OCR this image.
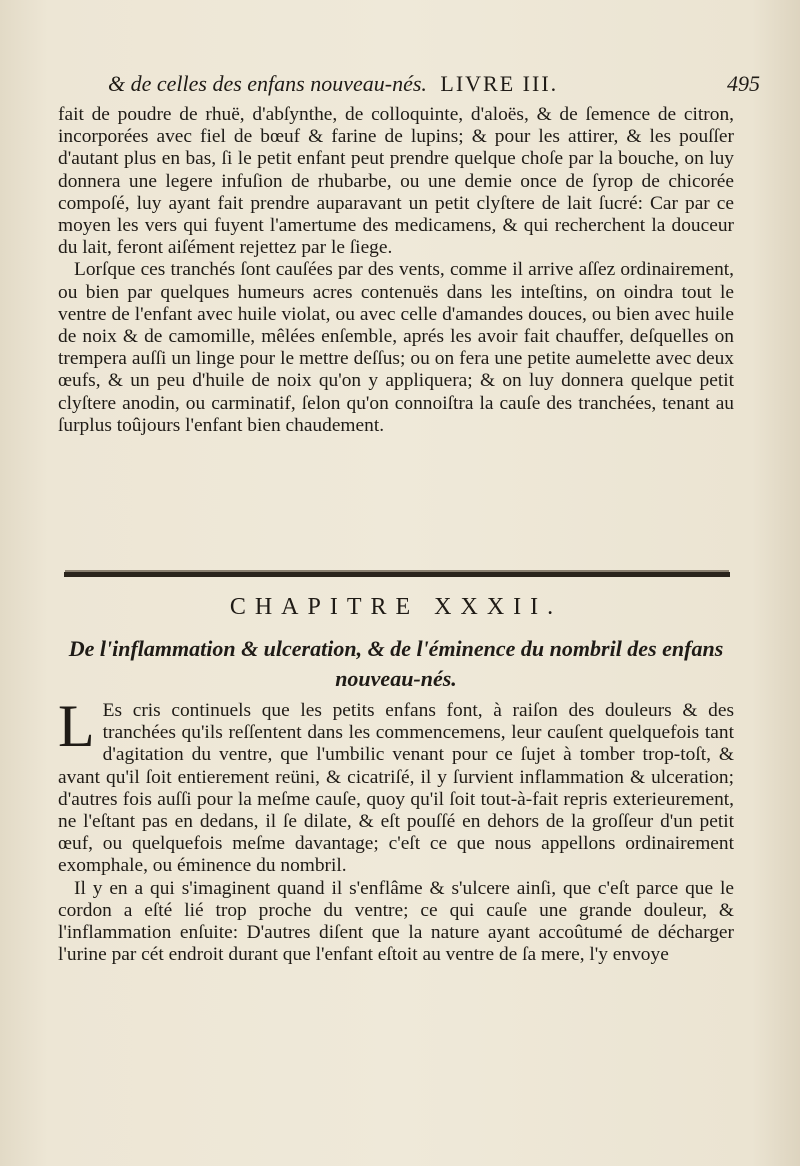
& de celles des enfans nouveau-nés. LIVRE III.	495

fait de poudre de rhuë, d'abſynthe, de colloquinte, d'aloës, & de ſemence de citron, incorporées avec fiel de bœuf & farine de lupins; & pour les attirer, & les pouſſer d'autant plus en bas, ſi le petit enfant peut prendre quelque choſe par la bouche, on luy donnera une legere infuſion de rhubarbe, ou une demie once de ſyrop de chicorée compoſé, luy ayant fait prendre auparavant un petit clyſtere de lait ſucré: Car par ce moyen les vers qui fuyent l'amertume des medicamens, & qui recherchent la douceur du lait, feront aiſément rejettez par le ſiege.

Lorſque ces tranchés ſont cauſées par des vents, comme il arrive aſſez ordinairement, ou bien par quelques humeurs acres contenuës dans les inteſtins, on oindra tout le ventre de l'enfant avec huile violat, ou avec celle d'amandes douces, ou bien avec huile de noix & de camomille, mêlées enſemble, aprés les avoir fait chauffer, deſquelles on trempera auſſi un linge pour le mettre deſſus; ou on fera une petite aumelette avec deux œufs, & un peu d'huile de noix qu'on y appliquera; & on luy donnera quelque petit clyſtere anodin, ou carminatif, ſelon qu'on connoiſtra la cauſe des tranchées, tenant au ſurplus toûjours l'enfant bien chaudement.

CHAPITRE XXXII.
De l'inflammation & ulceration, & de l'éminence du nombril des enfans nouveau-nés.

L Es cris continuels que les petits enfans font, à raiſon des douleurs & des tranchées qu'ils reſſentent dans les commencemens, leur cauſent quelquefois tant d'agitation du ventre, que l'umbilic venant pour ce ſujet à tomber trop-toſt, & avant qu'il ſoit entierement reüni, & cicatriſé, il y ſurvient inflammation & ulceration; d'autres fois auſſi pour la meſme cauſe, quoy qu'il ſoit tout-à-fait repris exterieurement, ne l'eſtant pas en dedans, il ſe dilate, & eſt pouſſé en dehors de la groſſeur d'un petit œuf, ou quelquefois meſme davantage; c'eſt ce que nous appellons ordinairement exomphale, ou éminence du nombril.

Il y en a qui s'imaginent quand il s'enflâme & s'ulcere ainſi, que c'eſt parce que le cordon a eſté lié trop proche du ventre; ce qui cauſe une grande douleur, & l'inflammation enſuite: D'autres diſent que la nature ayant accoûtumé de décharger l'urine par cét endroit durant que l'enfant eſtoit au ventre de ſa mere, l'y envoye
